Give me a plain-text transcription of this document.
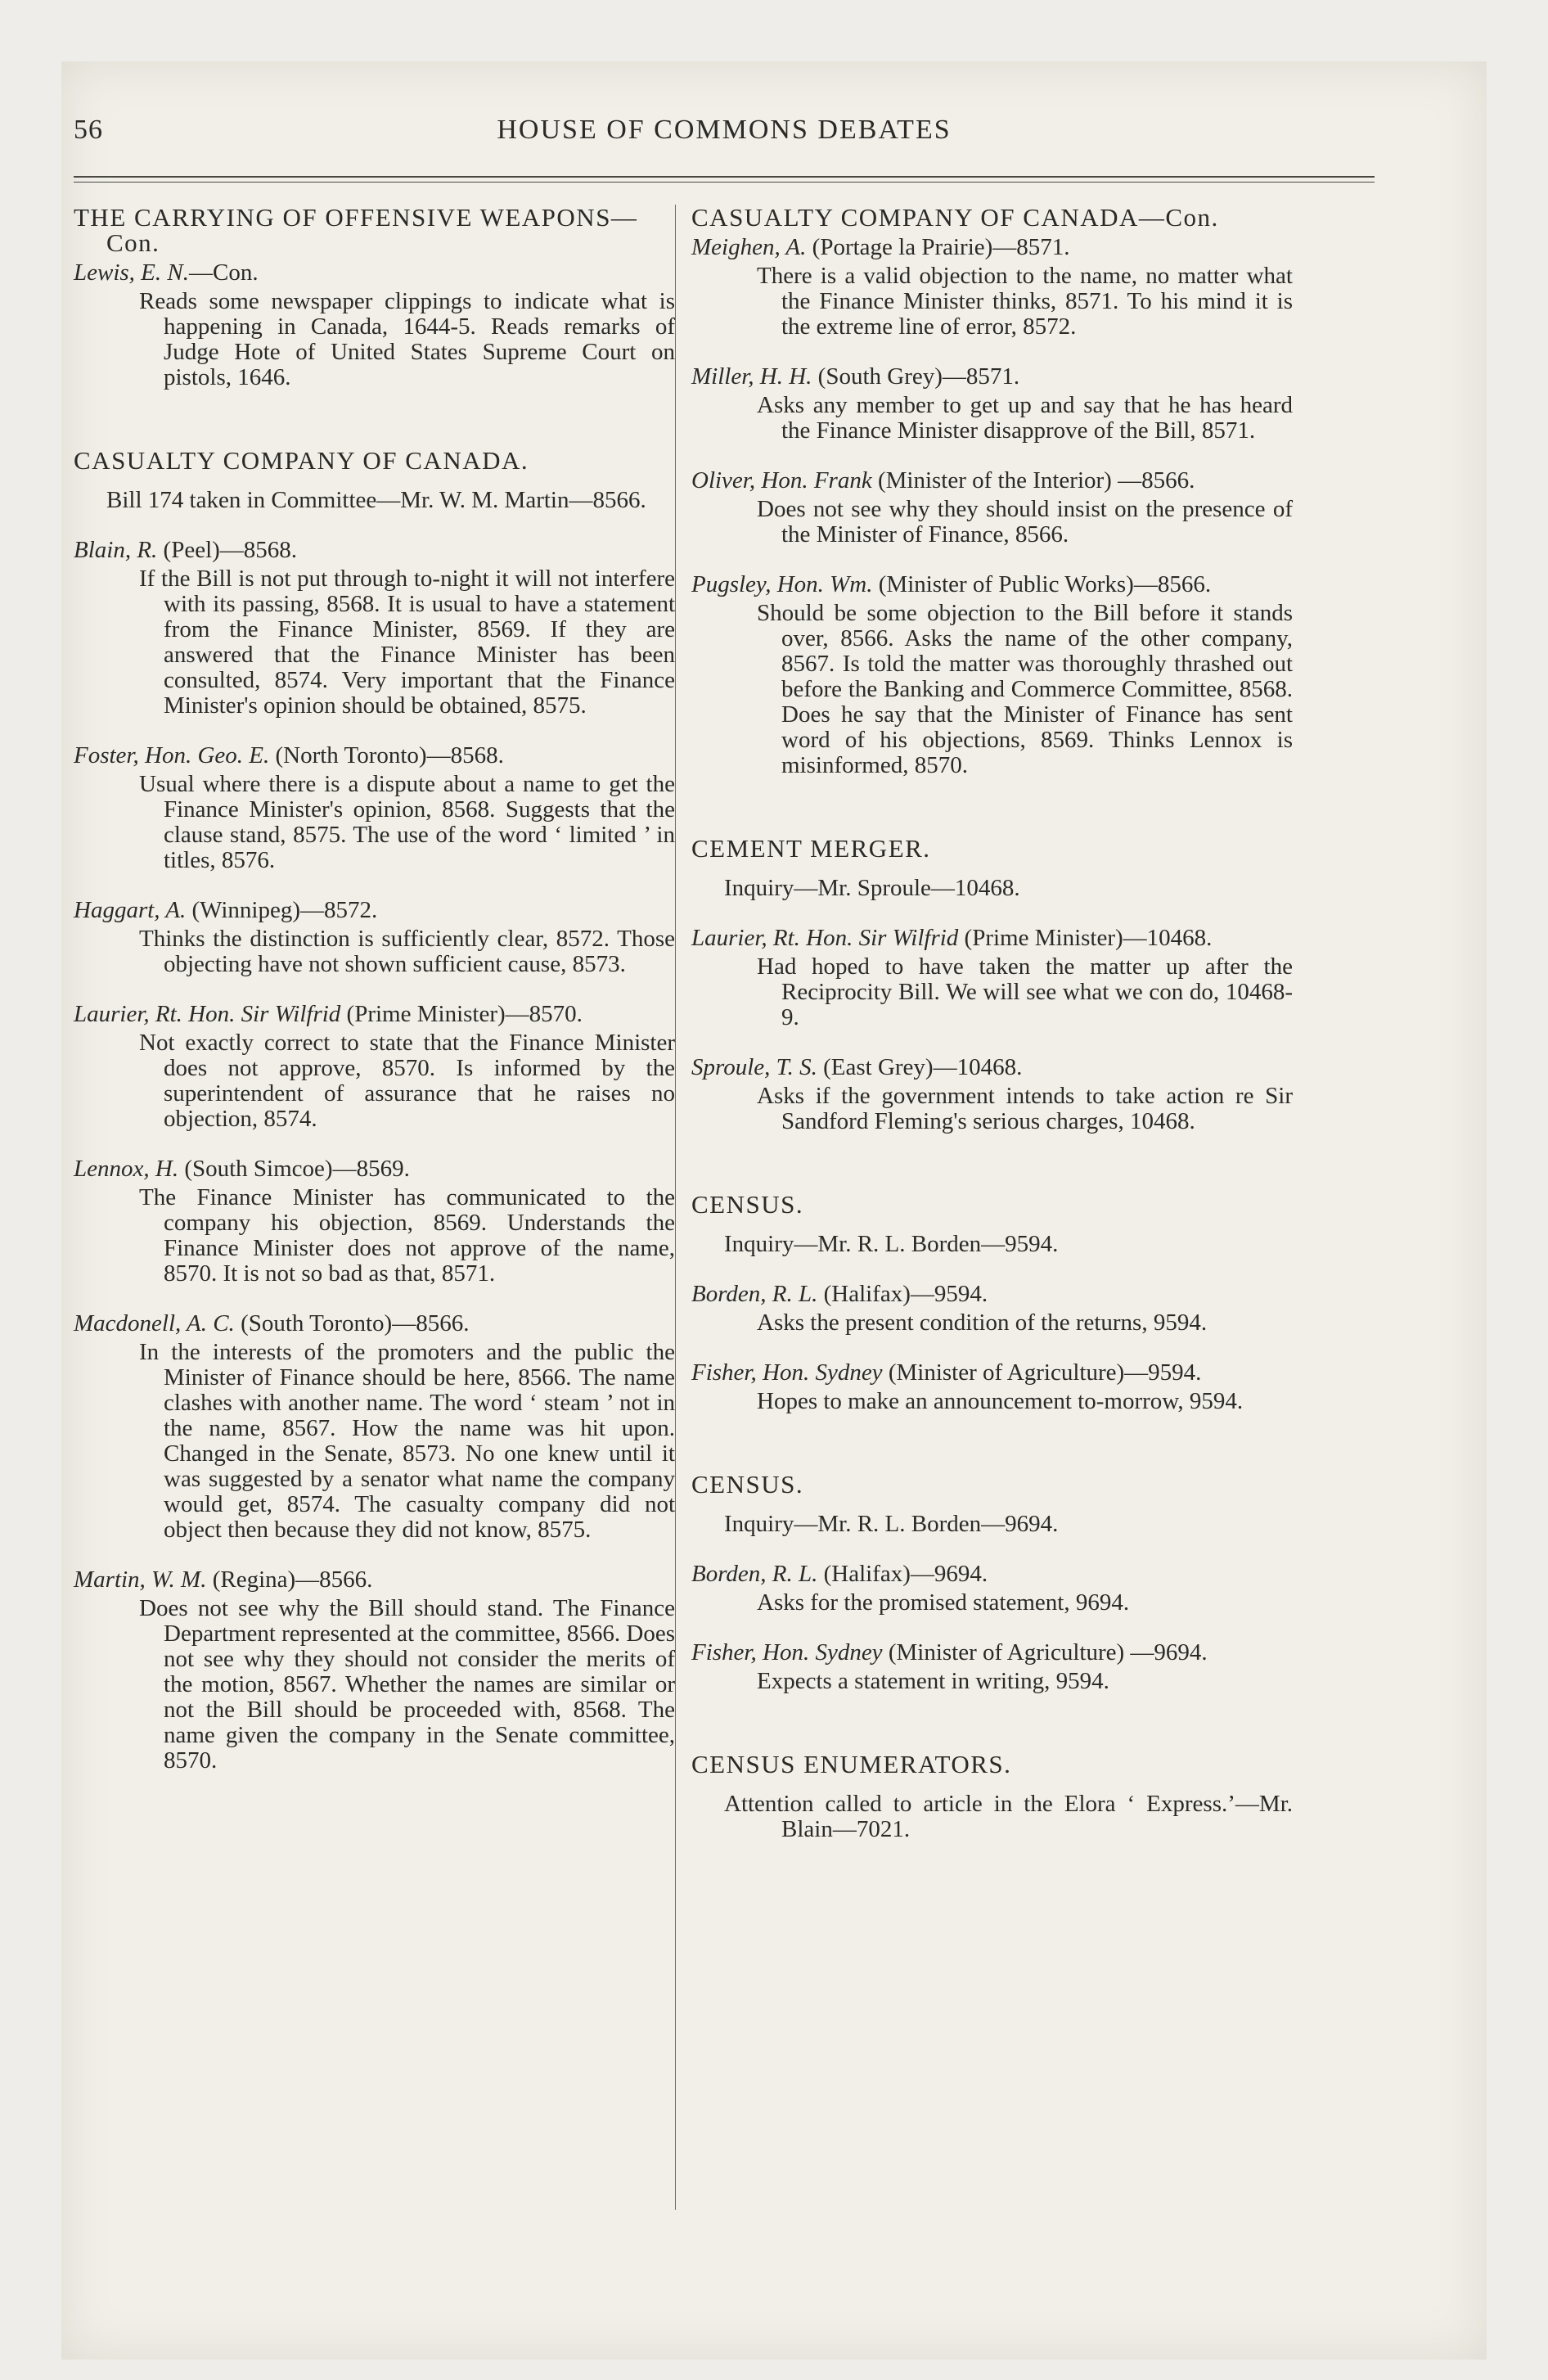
56	HOUSE OF COMMONS DEBATES
THE CARRYING OF OFFENSIVE WEAPONS—Con.
Lewis, E. N.—Con.
Reads some newspaper clippings to indicate what is happening in Canada, 1644-5. Reads remarks of Judge Hote of United States Supreme Court on pistols, 1646.
CASUALTY COMPANY OF CANADA.
Bill 174 taken in Committee—Mr. W. M. Martin—8566.
Blain, R. (Peel)—8568.
If the Bill is not put through to-night it will not interfere with its passing, 8568. It is usual to have a statement from the Finance Minister, 8569. If they are answered that the Finance Minister has been consulted, 8574. Very important that the Finance Minister's opinion should be obtained, 8575.
Foster, Hon. Geo. E. (North Toronto)—8568.
Usual where there is a dispute about a name to get the Finance Minister's opinion, 8568. Suggests that the clause stand, 8575. The use of the word ‘ limited ’ in titles, 8576.
Haggart, A. (Winnipeg)—8572.
Thinks the distinction is sufficiently clear, 8572. Those objecting have not shown sufficient cause, 8573.
Laurier, Rt. Hon. Sir Wilfrid (Prime Minister)—8570.
Not exactly correct to state that the Finance Minister does not approve, 8570. Is informed by the superintendent of assurance that he raises no objection, 8574.
Lennox, H. (South Simcoe)—8569.
The Finance Minister has communicated to the company his objection, 8569. Understands the Finance Minister does not approve of the name, 8570. It is not so bad as that, 8571.
Macdonell, A. C. (South Toronto)—8566.
In the interests of the promoters and the public the Minister of Finance should be here, 8566. The name clashes with another name. The word ‘ steam ’ not in the name, 8567. How the name was hit upon. Changed in the Senate, 8573. No one knew until it was suggested by a senator what name the company would get, 8574. The casualty company did not object then because they did not know, 8575.
Martin, W. M. (Regina)—8566.
Does not see why the Bill should stand. The Finance Department represented at the committee, 8566. Does not see why they should not consider the merits of the motion, 8567. Whether the names are similar or not the Bill should be proceeded with, 8568. The name given the company in the Senate committee, 8570.
CASUALTY COMPANY OF CANADA—Con.
Meighen, A. (Portage la Prairie)—8571.
There is a valid objection to the name, no matter what the Finance Minister thinks, 8571. To his mind it is the extreme line of error, 8572.
Miller, H. H. (South Grey)—8571.
Asks any member to get up and say that he has heard the Finance Minister disapprove of the Bill, 8571.
Oliver, Hon. Frank (Minister of the Interior) —8566.
Does not see why they should insist on the presence of the Minister of Finance, 8566.
Pugsley, Hon. Wm. (Minister of Public Works)—8566.
Should be some objection to the Bill before it stands over, 8566. Asks the name of the other company, 8567. Is told the matter was thoroughly thrashed out before the Banking and Commerce Committee, 8568. Does he say that the Minister of Finance has sent word of his objections, 8569. Thinks Lennox is misinformed, 8570.
CEMENT MERGER.
Inquiry—Mr. Sproule—10468.
Laurier, Rt. Hon. Sir Wilfrid (Prime Minister)—10468.
Had hoped to have taken the matter up after the Reciprocity Bill. We will see what we con do, 10468-9.
Sproule, T. S. (East Grey)—10468.
Asks if the government intends to take action re Sir Sandford Fleming's serious charges, 10468.
CENSUS.
Inquiry—Mr. R. L. Borden—9594.
Borden, R. L. (Halifax)—9594.
Asks the present condition of the returns, 9594.
Fisher, Hon. Sydney (Minister of Agriculture)—9594.
Hopes to make an announcement to-morrow, 9594.
CENSUS.
Inquiry—Mr. R. L. Borden—9694.
Borden, R. L. (Halifax)—9694.
Asks for the promised statement, 9694.
Fisher, Hon. Sydney (Minister of Agriculture) —9694.
Expects a statement in writing, 9594.
CENSUS ENUMERATORS.
Attention called to article in the Elora ‘ Express.’—Mr. Blain—7021.
